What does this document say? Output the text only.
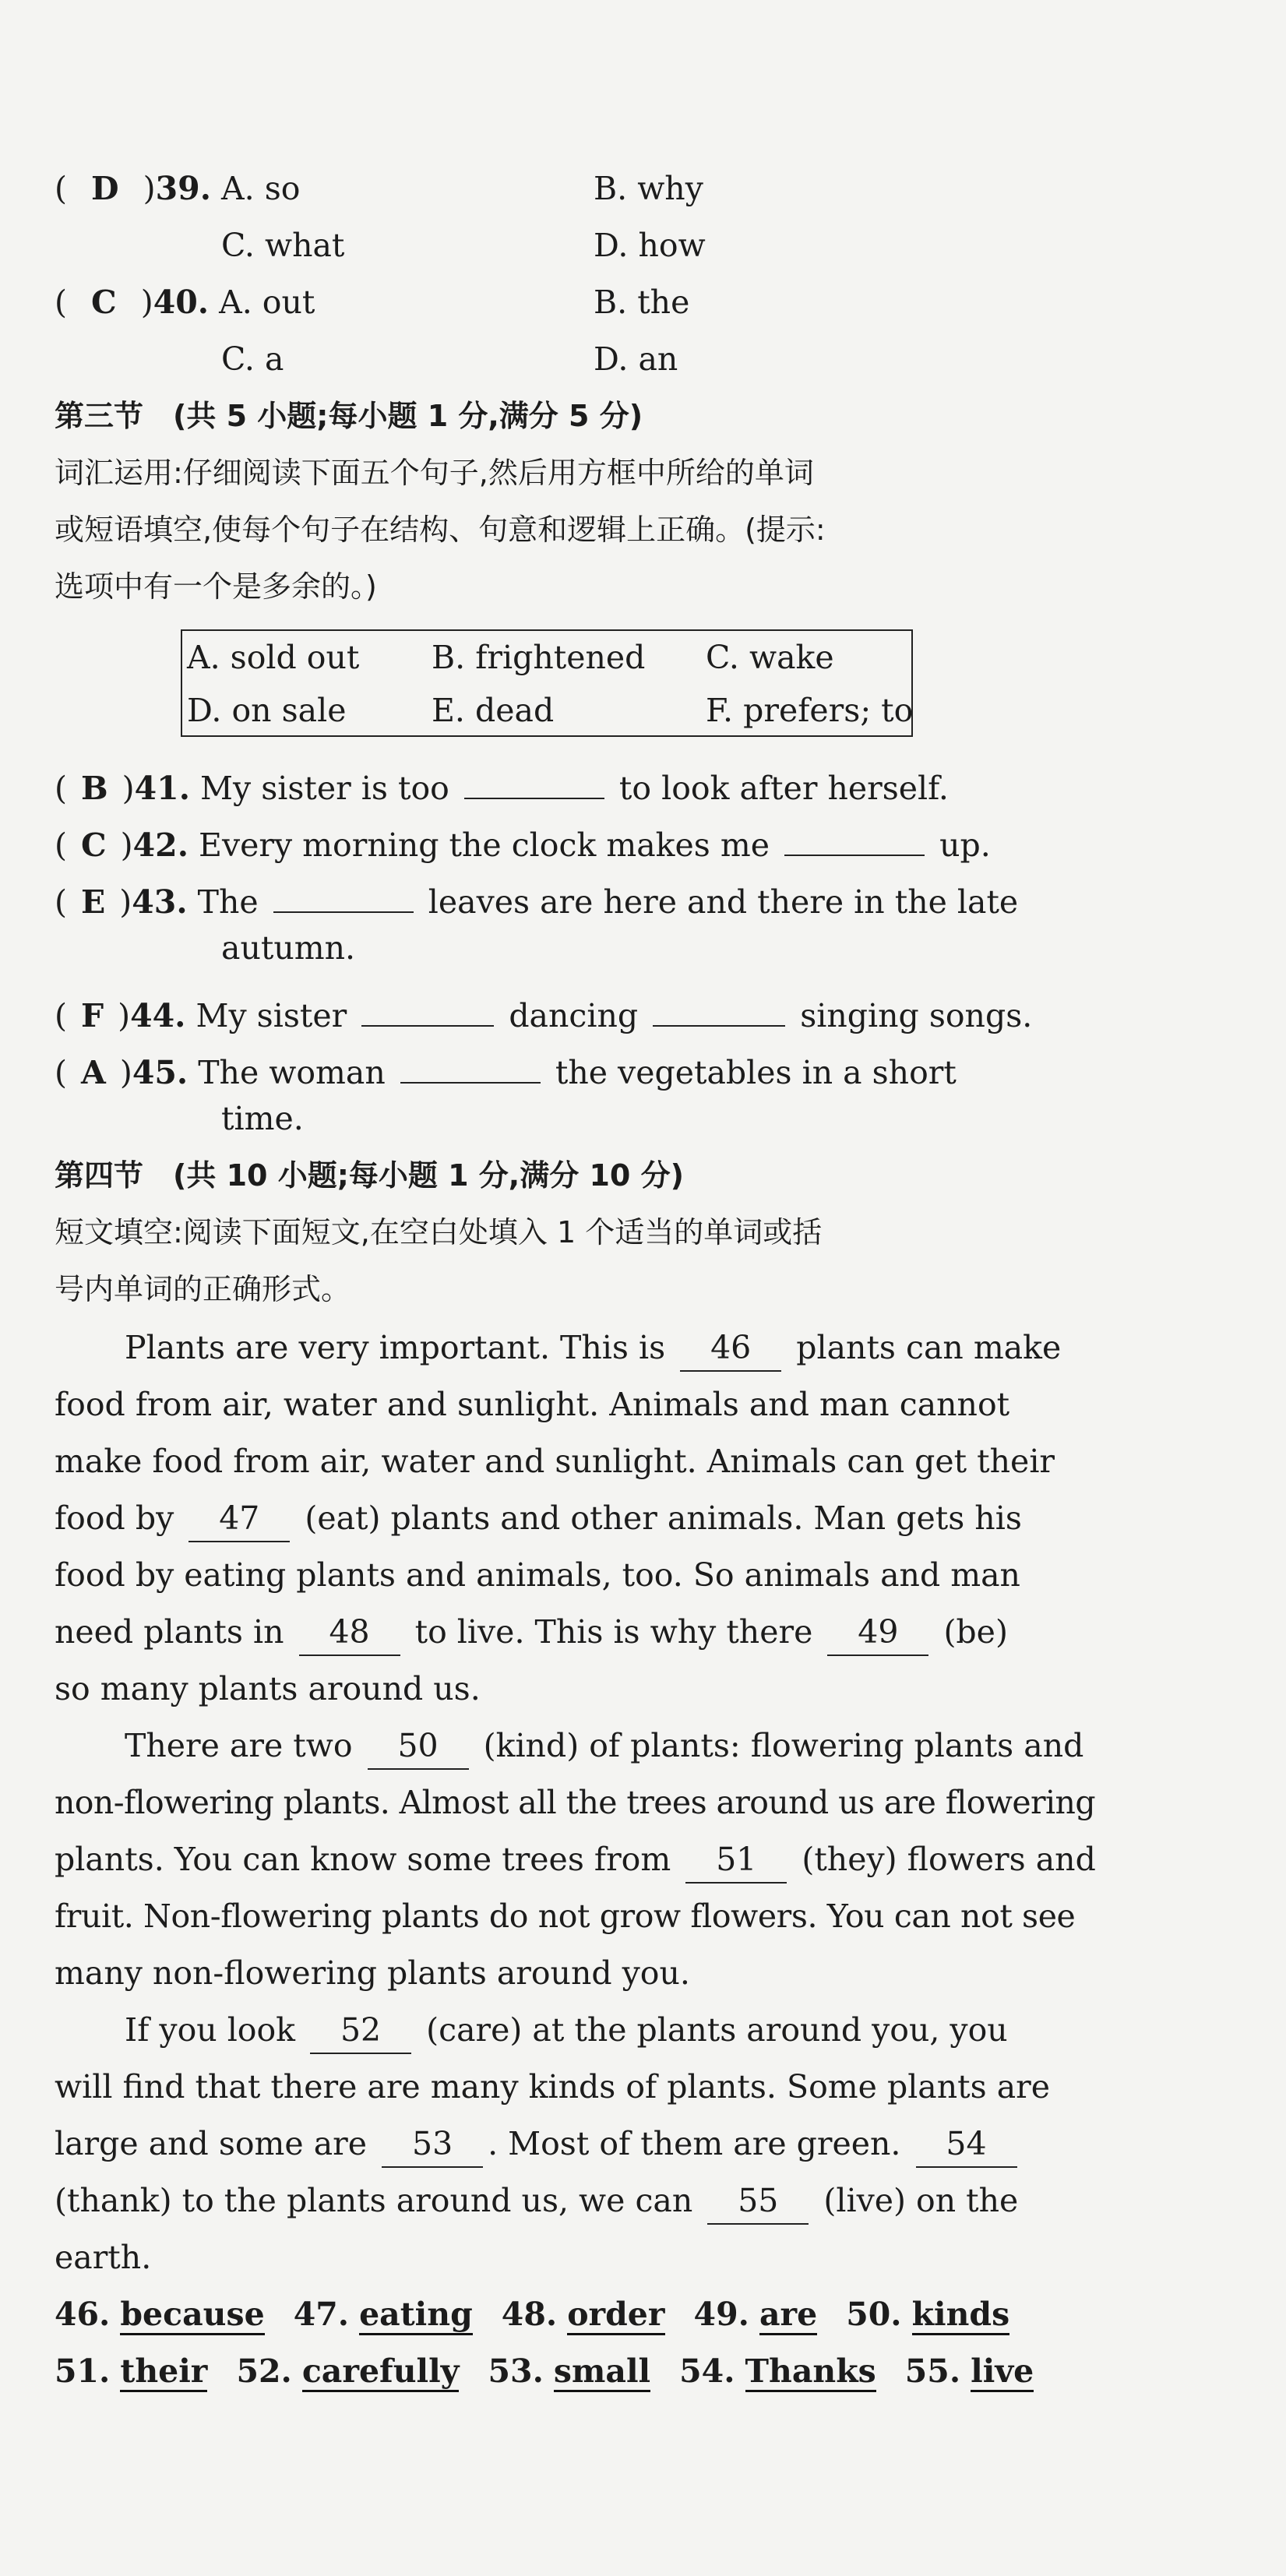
( D )39. A. so	B. why
C. what	D. how
( C )40. A. out	B. the
C. a	D. an
第三节　(共 5 小题;每小题 1 分,满分 5 分)
词汇运用:仔细阅读下面五个句子,然后用方框中所给的单词
或短语填空,使每个句子在结构、句意和逻辑上正确。(提示:
选项中有一个是多余的。)
A. sold out B. frightened C. wake
D. on sale	E. dead	F. prefers; to
( B )41. My sister is too	to look after herself.
( C )42. Every morning the clock makes me	up.
( E )43. The	leaves are here and there in the late
autumn.
( F )44. My sister	dancing	singing songs.
( A )45. The woman	the vegetables in a short
time.
第四节　(共 10 小题;每小题 1 分,满分 10 分)
短文填空:阅读下面短文,在空白处填入 1 个适当的单词或括
号内单词的正确形式。
Plants are very important. This is 46 plants can make
food from air, water and sunlight. Animals and man cannot
make food from air, water and sunlight. Animals can get their
food by 47 (eat) plants and other animals. Man gets his
food by eating plants and animals, too. So animals and man
need plants in 48 to live. This is why there 49 (be)
so many plants around us.
There are two 50 (kind) of plants: flowering plants and
non-flowering plants. Almost all the trees around us are flowering
plants. You can know some trees from 51 (they) flowers and
fruit. Non-flowering plants do not grow flowers. You can not see
many non-flowering plants around you.
If you look 52 (care) at the plants around you, you
will find that there are many kinds of plants. Some plants are
large and some are 53 . Most of them are green. 54
(thank) to the plants around us, we can 55 (live) on the
earth.
46. because 47. eating 48. order 49. are 50. kinds
51. their 52. carefully 53. small 54. Thanks 55. live
